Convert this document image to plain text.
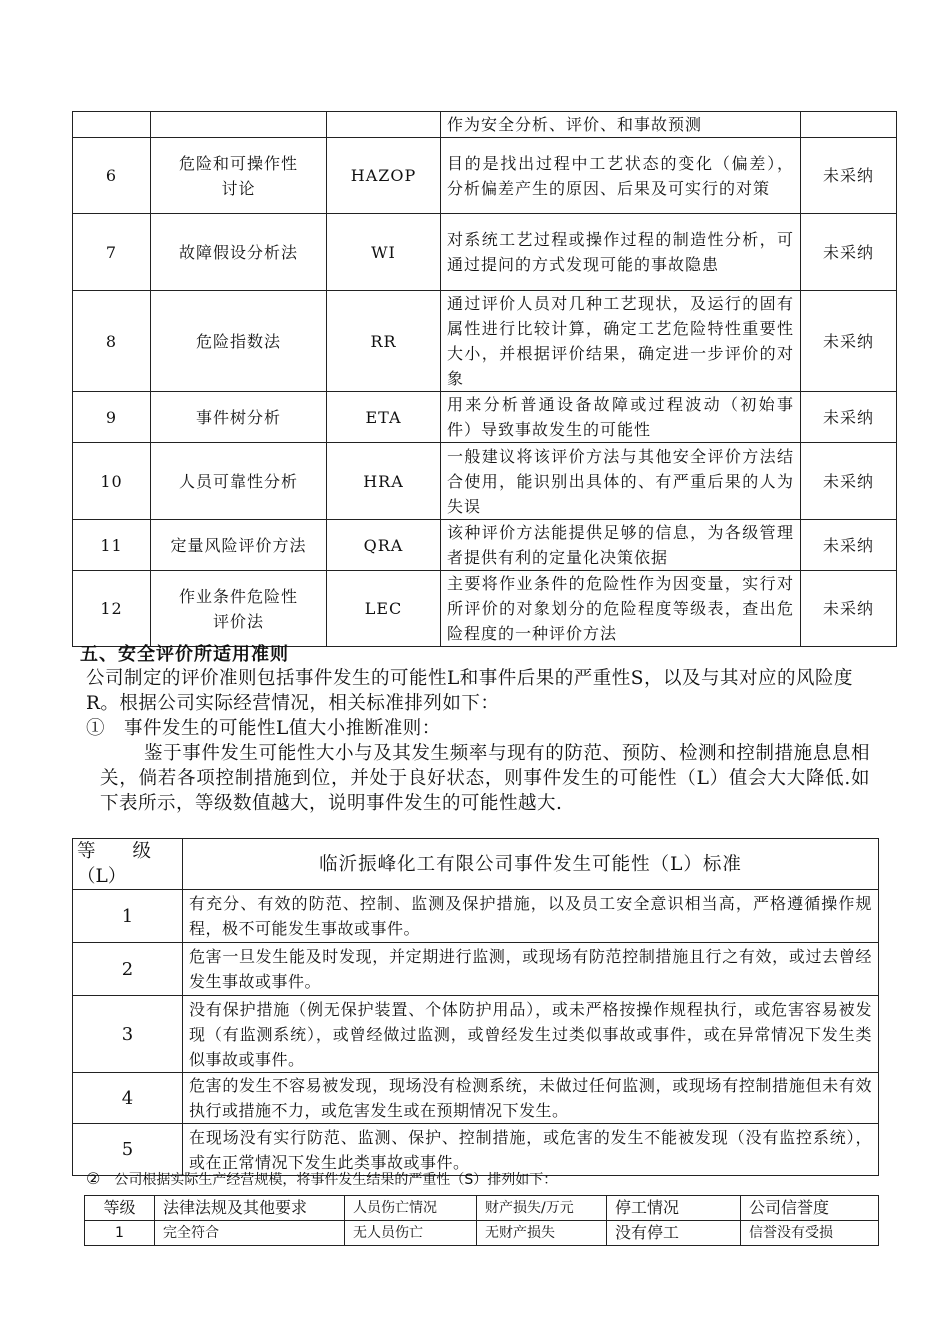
			作为安全分析、评价、和事故预测	
6	危险和可操作性讨论	HAZOP	目的是找出过程中工艺状态的变化（偏差），分析偏差产生的原因、后果及可实行的对策	未采纳
7	故障假设分析法	WI	对系统工艺过程或操作过程的制造性分析，可通过提问的方式发现可能的事故隐患	未采纳
8	危险指数法	RR	通过评价人员对几种工艺现状，及运行的固有属性进行比较计算，确定工艺危险特性重要性大小，并根据评价结果，确定进一步评价的对象	未采纳
9	事件树分析	ETA	用来分析普通设备故障或过程波动（初始事件）导致事故发生的可能性	未采纳
10	人员可靠性分析	HRA	一般建议将该评价方法与其他安全评价方法结合使用，能识别出具体的、有严重后果的人为失误	未采纳
11	定量风险评价方法	QRA	该种评价方法能提供足够的信息，为各级管理者提供有利的定量化决策依据	未采纳
12	作业条件危险性评价法	LEC	主要将作业条件的危险性作为因变量，实行对所评价的对象划分的危险程度等级表，查出危险程度的一种评价方法	未采纳
五、安全评价所适用准则
公司制定的评价准则包括事件发生的可能性L和事件后果的严重性S，以及与其对应的风险度R。根据公司实际经营情况，相关标准排列如下：
①　事件发生的可能性L值大小推断准则：
鉴于事件发生可能性大小与及其发生频率与现有的防范、预防、检测和控制措施息息相关，倘若各项控制措施到位，并处于良好状态，则事件发生的可能性（L）值会大大降低.如下表所示，等级数值越大，说明事件发生的可能性越大.
等　　级（L）	临沂振峰化工有限公司事件发生可能性（L）标准
1	有充分、有效的防范、控制、监测及保护措施，以及员工安全意识相当高，严格遵循操作规程，极不可能发生事故或事件。
2	危害一旦发生能及时发现，并定期进行监测，或现场有防范控制措施且行之有效，或过去曾经发生事故或事件。
3	没有保护措施（例无保护装置、个体防护用品），或未严格按操作规程执行，或危害容易被发现（有监测系统），或曾经做过监测，或曾经发生过类似事故或事件，或在异常情况下发生类似事故或事件。
4	危害的发生不容易被发现，现场没有检测系统，未做过任何监测，或现场有控制措施但未有效执行或措施不力，或危害发生或在预期情况下发生。
5	在现场没有实行防范、监测、保护、控制措施，或危害的发生不能被发现（没有监控系统），或在正常情况下发生此类事故或事件。
② 公司根据实际生产经营规模，将事件发生结果的严重性（S）排列如下：
等级	法律法规及其他要求	人员伤亡情况	财产损失/万元	停工情况	公司信誉度
1	完全符合	无人员伤亡	无财产损失	没有停工	信誉没有受损
